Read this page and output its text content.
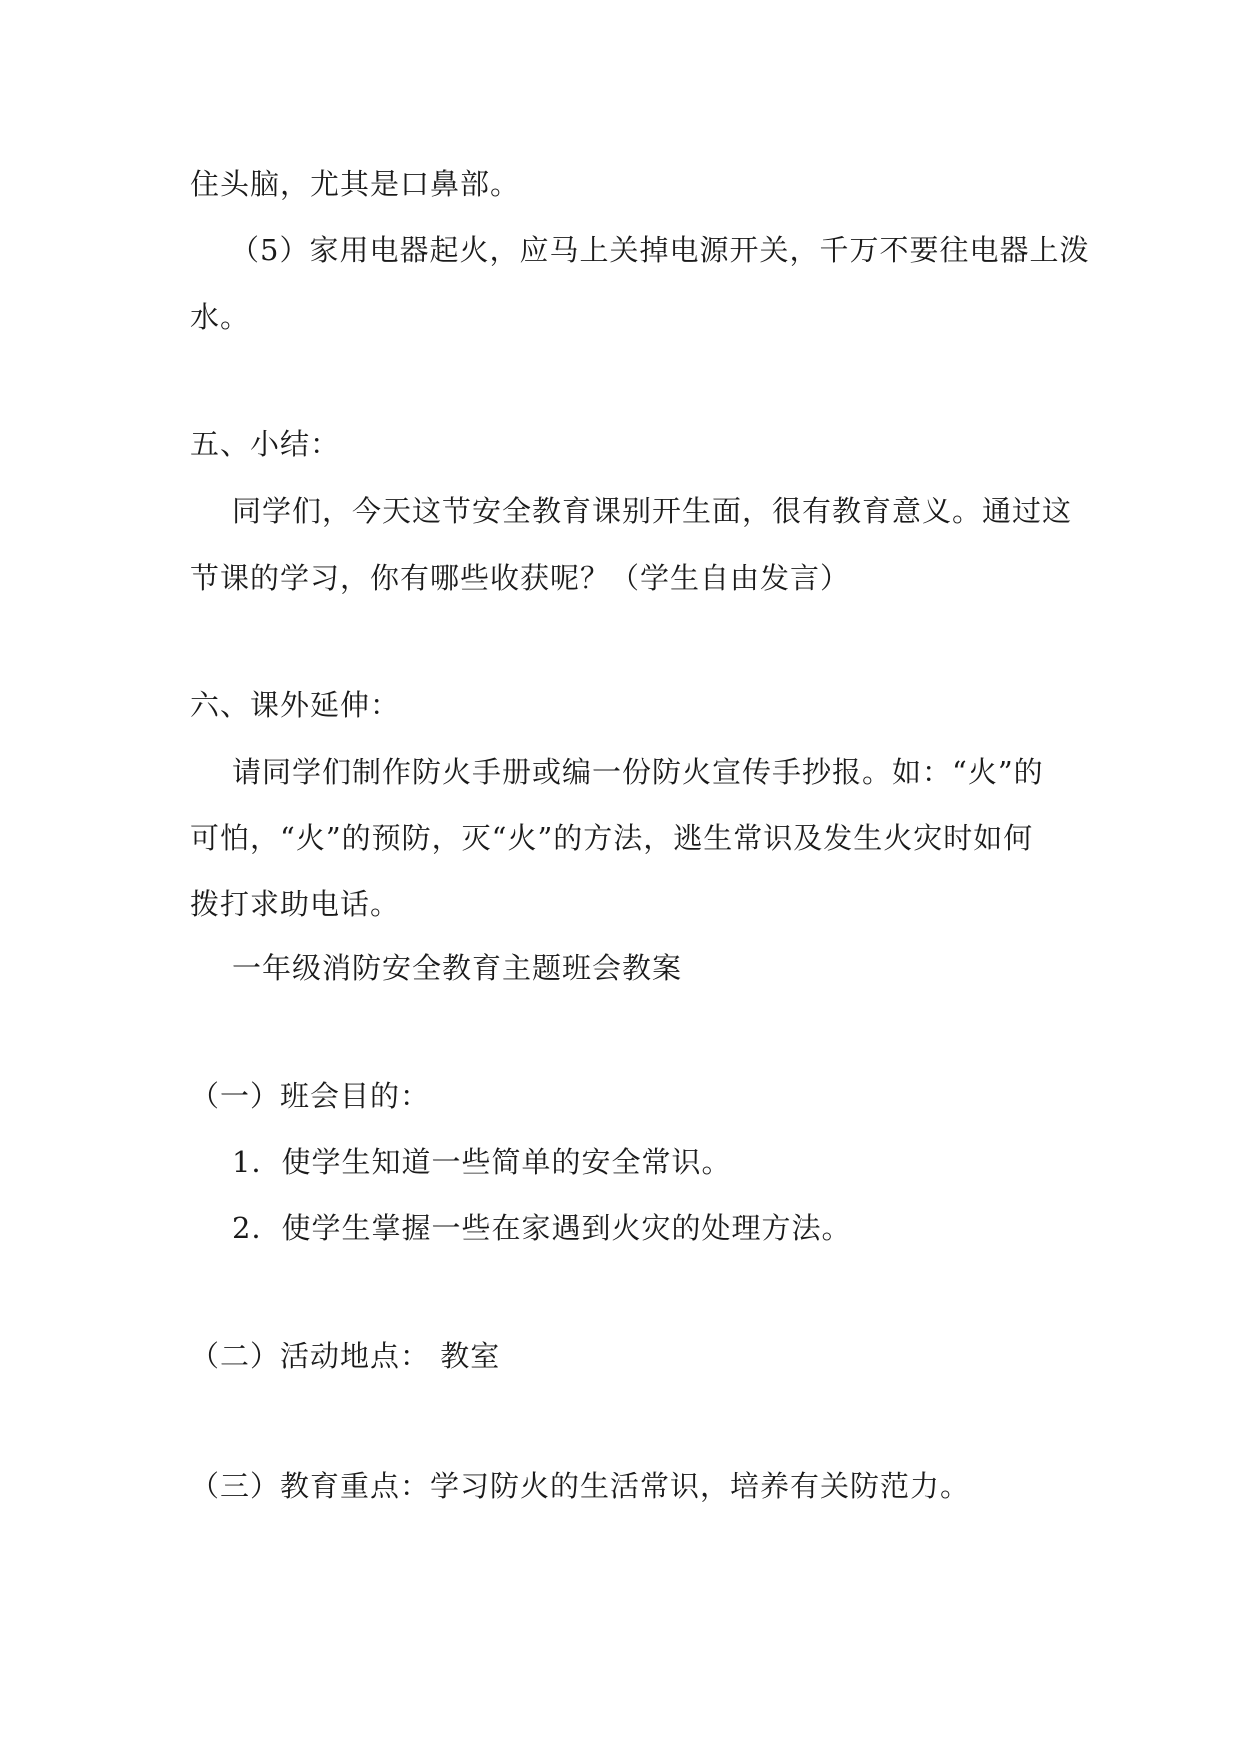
住头脑，尤其是口鼻部。
（5）家用电器起火，应马上关掉电源开关，千万不要往电器上泼
水。
五、小结：
同学们，今天这节安全教育课别开生面，很有教育意义。通过这
节课的学习，你有哪些收获呢？（学生自由发言）
六、课外延伸：
请同学们制作防火手册或编一份防火宣传手抄报。如：“火”的
可怕，“火”的预防，灭“火”的方法，逃生常识及发生火灾时如何
拨打求助电话。
一年级消防安全教育主题班会教案
（一）班会目的：
1．使学生知道一些简单的安全常识。
2．使学生掌握一些在家遇到火灾的处理方法。
（二）活动地点： 教室
（三）教育重点：学习防火的生活常识，培养有关防范力。
